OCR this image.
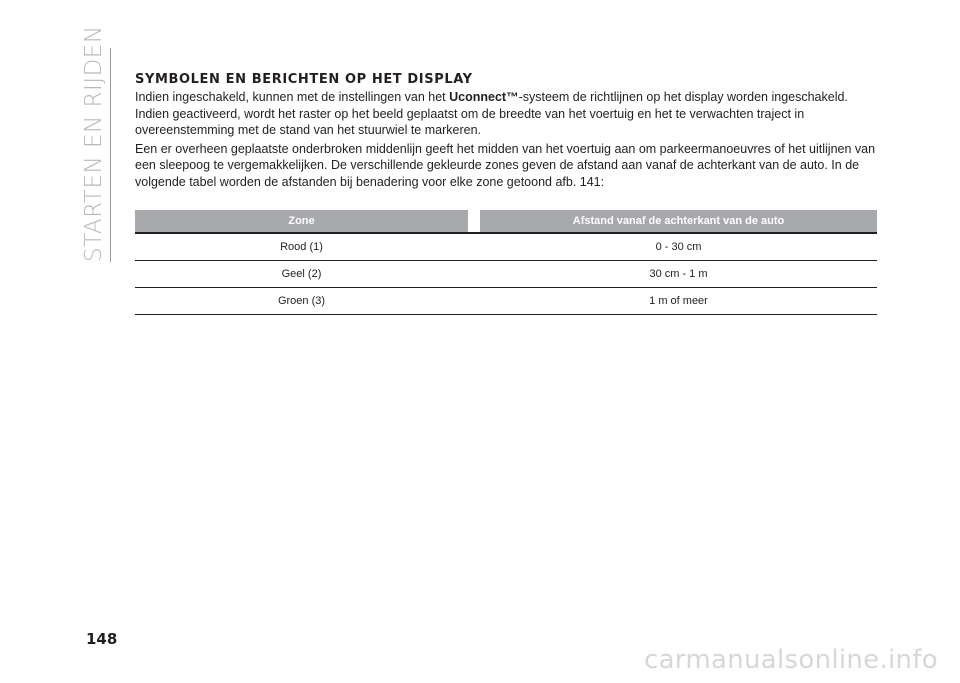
STARTEN EN RIJDEN SYMBOLEN EN BERICHTEN OP HET DISPLAY

Indien ingeschakeld, kunnen met de instellingen van het Uconnect™-systeem de richtlijnen op het display worden ingeschakeld. Indien geactiveerd, wordt het raster op het beeld geplaatst om de breedte van het voertuig en het te verwachten traject in overeenstemming met de stand van het stuurwiel te markeren.

Een er overheen geplaatste onderbroken middenlijn geeft het midden van het voertuig aan om parkeermanoeuvres of het uitlijnen van een sleepoog te vergemakkelijken. De verschillende gekleurde zones geven de afstand aan vanaf de achterkant van de auto. In de volgende tabel worden de afstanden bij benadering voor elke zone getoond afb. 141:

Zone		Afstand vanaf de achterkant van de auto
Rood (1)		0 - 30 cm
Geel (2)		30 cm - 1 m
Groen (3)		1 m of meer
148
carmanualsonline.info
